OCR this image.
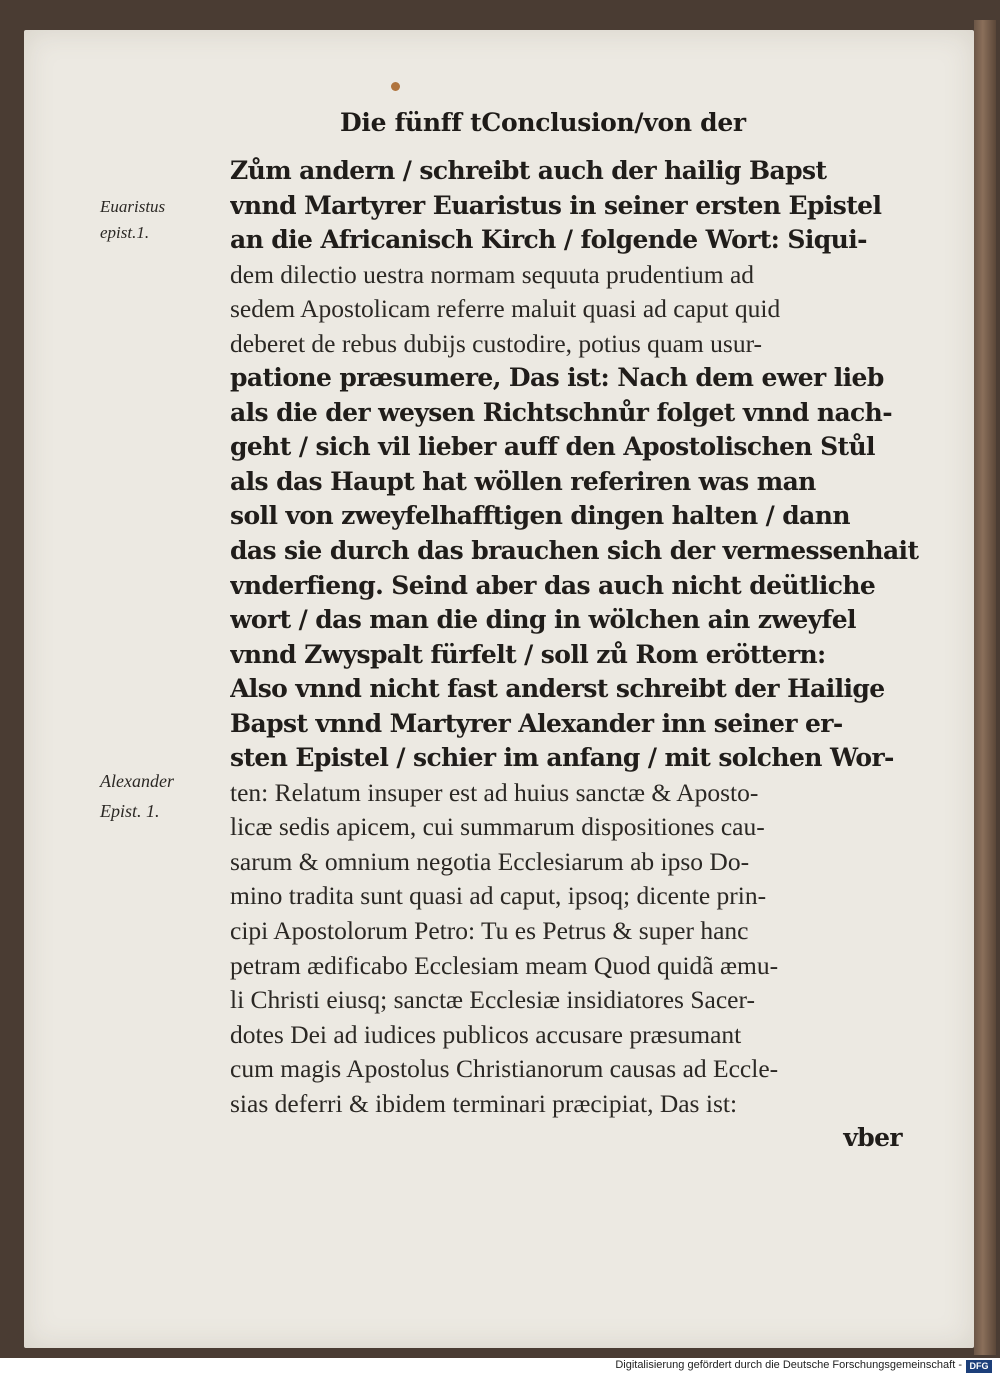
Die fünff tConclusion/von der
Euaristus
epist.1.
Alexander
Epist. 1.
Zům andern / schreibt auch der hailig Bapst
vnnd Martyrer Euaristus in seiner ersten Epistel
an die Africanisch Kirch / folgende Wort: Siqui-
dem dilectio uestra normam sequuta prudentium ad
sedem Apostolicam referre maluit quasi ad caput quid
deberet de rebus dubijs custodire, potius quam usur-
patione præsumere, Das ist: Nach dem ewer lieb
als die der weysen Richtschnůr folget vnnd nach-
geht / sich vil lieber auff den Apostolischen Stůl
als das Haupt hat wöllen referiren was man
soll von zweyfelhafftigen dingen halten / dann
das sie durch das brauchen sich der vermessenhait
vnderfieng. Seind aber das auch nicht deütliche
wort / das man die ding in wölchen ain zweyfel
vnnd Zwyspalt fürfelt / soll zů Rom eröttern:
Also vnnd nicht fast anderst schreibt der Hailige
Bapst vnnd Martyrer Alexander inn seiner er-
sten Epistel / schier im anfang / mit solchen Wor-
ten: Relatum insuper est ad huius sanctæ & Aposto-
licæ sedis apicem, cui summarum dispositiones cau-
sarum & omnium negotia Ecclesiarum ab ipso Do-
mino tradita sunt quasi ad caput, ipsoq; dicente prin-
cipi Apostolorum Petro: Tu es Petrus & super hanc
petram ædificabo Ecclesiam meam Quod quidã æmu-
li Christi eiusq; sanctæ Ecclesiæ insidiatores Sacer-
dotes Dei ad iudices publicos accusare præsumant
cum magis Apostolus Christianorum causas ad Eccle-
sias deferri & ibidem terminari præcipiat, Das ist:
vber
Digitalisierung gefördert durch die Deutsche Forschungsgemeinschaft - DFG
